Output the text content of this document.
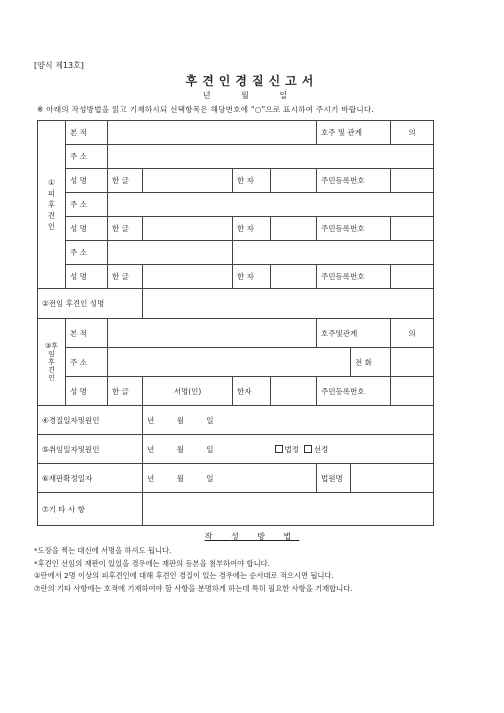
[양식 제13호]
후견인경질신고서
년 월 일
※ 아래의 작성방법을 읽고 기재하시되 선택항목은 해당번호에 "○"으로 표시하여 주시기 바랍니다.
①
피
후
견
인	본 적					호주 및 관계		의
	주 소							
	성 명	한 글		한 자		주민등록번호		
	주 소							
	성 명	한 글		한 자		주민등록번호		
	주 소							
	성 명	한 글		한 자		주민등록번호		
②전임 후견인 성명								

③후
임
후
견
인	본 적					호주및관계		의
	주 소						전 화	
	성 명	한 글	서명(인)	한자		주민등록번호		
④경질일자및원인			년 월 일					
⑤취임일자및원인			년 월 일		법정 선정			
⑥재판확정일자			년 월 일			법원명		
⑦기 타 사 항								
작 성 방 법
*도장을 찍는 대신에 서명을 하셔도 됩니다.
*후견인 선임의 재판이 있었을 경우에는 재판의 등본을 첨부하여야 합니다.
①란에서 2명 이상의 피후견인에 대해 후견인 경질이 있는 경우에는 순서대로 적으시면 됩니다.
⑦란의 기타 사항에는 호적에 기재하여야 할 사항을 분명하게 하는데 특히 필요한 사항을 기재합니다.
